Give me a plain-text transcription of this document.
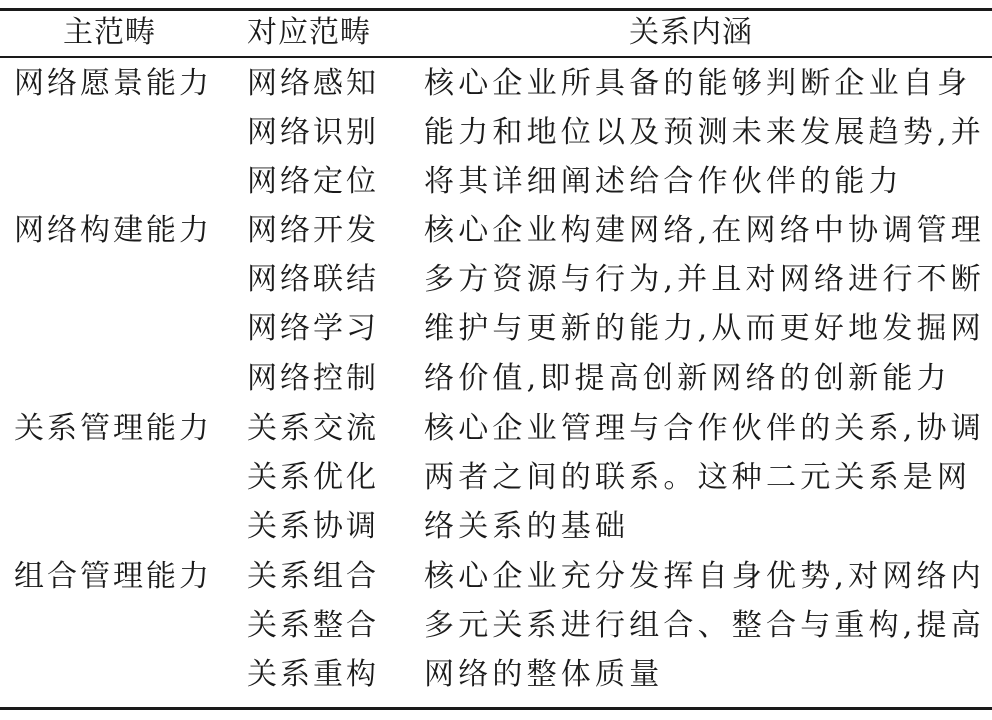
主范畴	对应范畴	关系内涵
网络愿景能力 网络感知
网络识别
网络定位
核心企业所具备的能够判断企业自身
能力和地位以及预测未来发展趋势,并
将其详细阐述给合作伙伴的能力
网络构建能力 网络开发
网络联结
网络学习
网络控制
核心企业构建网络,在网络中协调管理
多方资源与行为,并且对网络进行不断
维护与更新的能力,从而更好地发掘网
络价值,即提高创新网络的创新能力
关系管理能力 关系交流
关系优化
关系协调
核心企业管理与合作伙伴的关系,协调
两者之间的联系。这种二元关系是网
络关系的基础
组合管理能力 关系组合
关系整合
关系重构
核心企业充分发挥自身优势,对网络内
多元关系进行组合、整合与重构,提高
网络的整体质量
